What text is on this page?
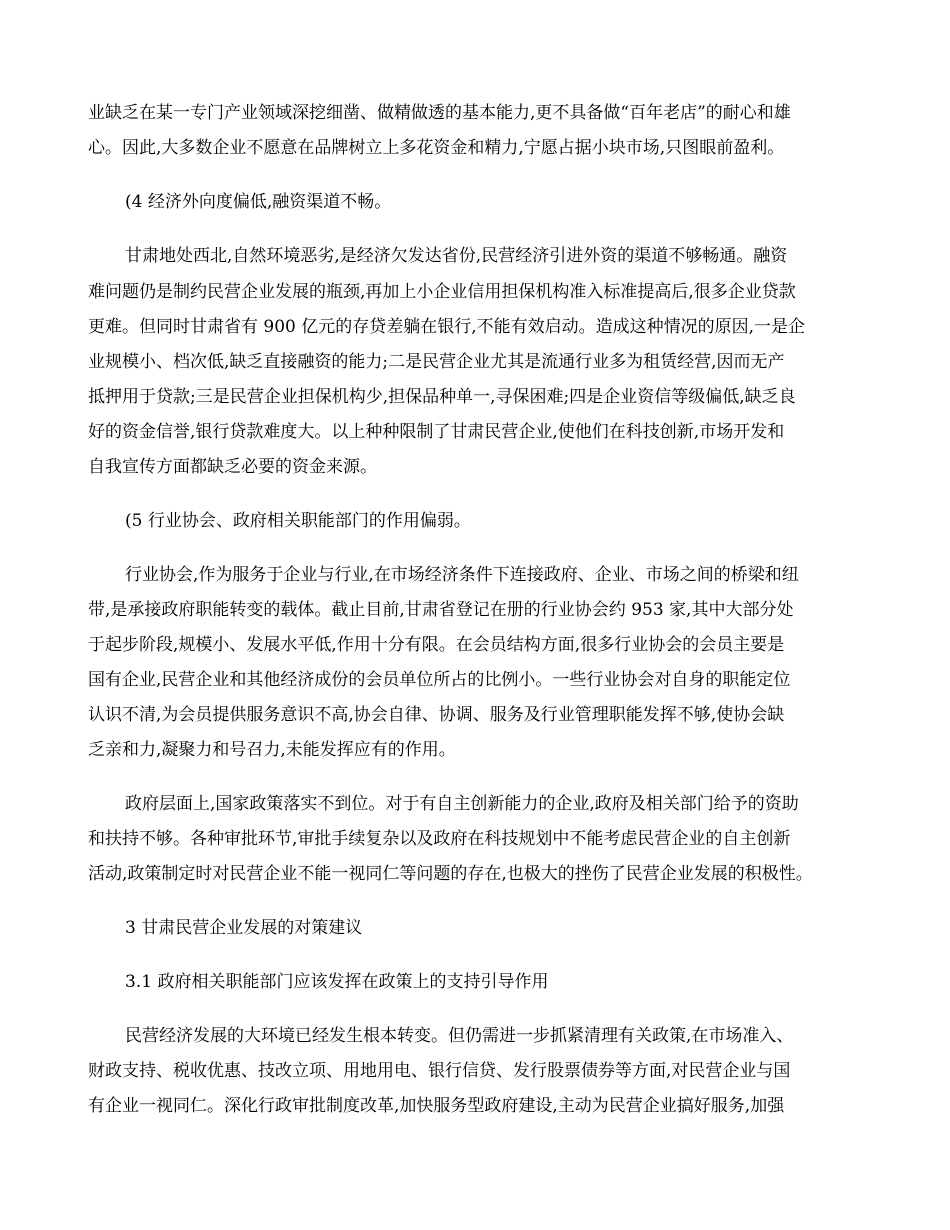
业缺乏在某一专门产业领域深挖细凿、做精做透的基本能力,更不具备做“百年老店”的耐心和雄
心。因此,大多数企业不愿意在品牌树立上多花资金和精力,宁愿占据小块市场,只图眼前盈利。
(4 经济外向度偏低,融资渠道不畅。
甘肃地处西北,自然环境恶劣,是经济欠发达省份,民营经济引进外资的渠道不够畅通。融资
难问题仍是制约民营企业发展的瓶颈,再加上小企业信用担保机构准入标准提高后,很多企业贷款
更难。但同时甘肃省有 900 亿元的存贷差躺在银行,不能有效启动。造成这种情况的原因,一是企
业规模小、档次低,缺乏直接融资的能力;二是民营企业尤其是流通行业多为租赁经营,因而无产
抵押用于贷款;三是民营企业担保机构少,担保品种单一,寻保困难;四是企业资信等级偏低,缺乏良
好的资金信誉,银行贷款难度大。以上种种限制了甘肃民营企业,使他们在科技创新,市场开发和
自我宣传方面都缺乏必要的资金来源。
(5 行业协会、政府相关职能部门的作用偏弱。
行业协会,作为服务于企业与行业,在市场经济条件下连接政府、企业、市场之间的桥梁和纽
带,是承接政府职能转变的载体。截止目前,甘肃省登记在册的行业协会约 953 家,其中大部分处
于起步阶段,规模小、发展水平低,作用十分有限。在会员结构方面,很多行业协会的会员主要是
国有企业,民营企业和其他经济成份的会员单位所占的比例小。一些行业协会对自身的职能定位
认识不清,为会员提供服务意识不高,协会自律、协调、服务及行业管理职能发挥不够,使协会缺
乏亲和力,凝聚力和号召力,未能发挥应有的作用。
政府层面上,国家政策落实不到位。对于有自主创新能力的企业,政府及相关部门给予的资助
和扶持不够。各种审批环节,审批手续复杂以及政府在科技规划中不能考虑民营企业的自主创新
活动,政策制定时对民营企业不能一视同仁等问题的存在,也极大的挫伤了民营企业发展的积极性。
3 甘肃民营企业发展的对策建议
3.1 政府相关职能部门应该发挥在政策上的支持引导作用
民营经济发展的大环境已经发生根本转变。但仍需进一步抓紧清理有关政策,在市场准入、
财政支持、税收优惠、技改立项、用地用电、银行信贷、发行股票债券等方面,对民营企业与国
有企业一视同仁。深化行政审批制度改革,加快服务型政府建设,主动为民营企业搞好服务,加强
